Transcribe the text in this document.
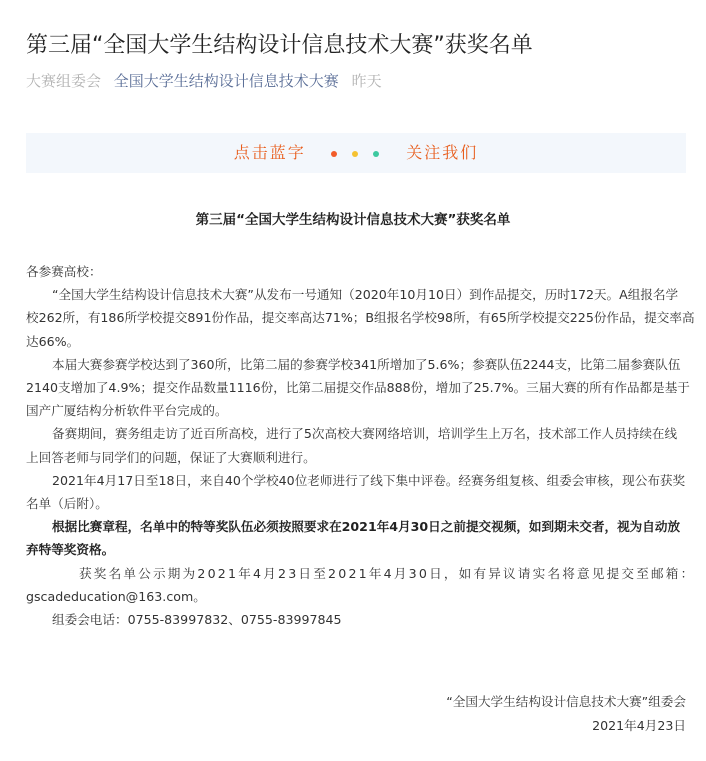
第三届“全国大学生结构设计信息技术大赛”获奖名单
大赛组委会 全国大学生结构设计信息技术大赛 昨天
点击蓝字	关注我们
第三届“全国大学生结构设计信息技术大赛”获奖名单

各参赛高校：

“全国大学生结构设计信息技术大赛”从发布一号通知（2020年10月10日）到作品提交，历时172天。A组报名学

校262所，有186所学校提交891份作品，提交率高达71%；B组报名学校98所，有65所学校提交225份作品，提交率高

达66%。

本届大赛参赛学校达到了360所，比第二届的参赛学校341所增加了5.6%；参赛队伍2244支，比第二届参赛队伍

2140支增加了4.9%；提交作品数量1116份，比第二届提交作品888份，增加了25.7%。三届大赛的所有作品都是基于

国产广厦结构分析软件平台完成的。

备赛期间，赛务组走访了近百所高校，进行了5次高校大赛网络培训，培训学生上万名，技术部工作人员持续在线

上回答老师与同学们的问题，保证了大赛顺利进行。

2021年4月17日至18日，来自40个学校40位老师进行了线下集中评卷。经赛务组复核、组委会审核，现公布获奖

名单（后附）。

根据比赛章程，名单中的特等奖队伍必须按照要求在2021年4月30日之前提交视频，如到期未交者，视为自动放

弃特等奖资格。

获奖名单公示期为2021年4月23日至2021年4月30日，如有异议请实名将意见提交至邮箱：

gscadeducation@163.com。

组委会电话：0755-83997832、0755-83997845

“全国大学生结构设计信息技术大赛”组委会
2021年4月23日
